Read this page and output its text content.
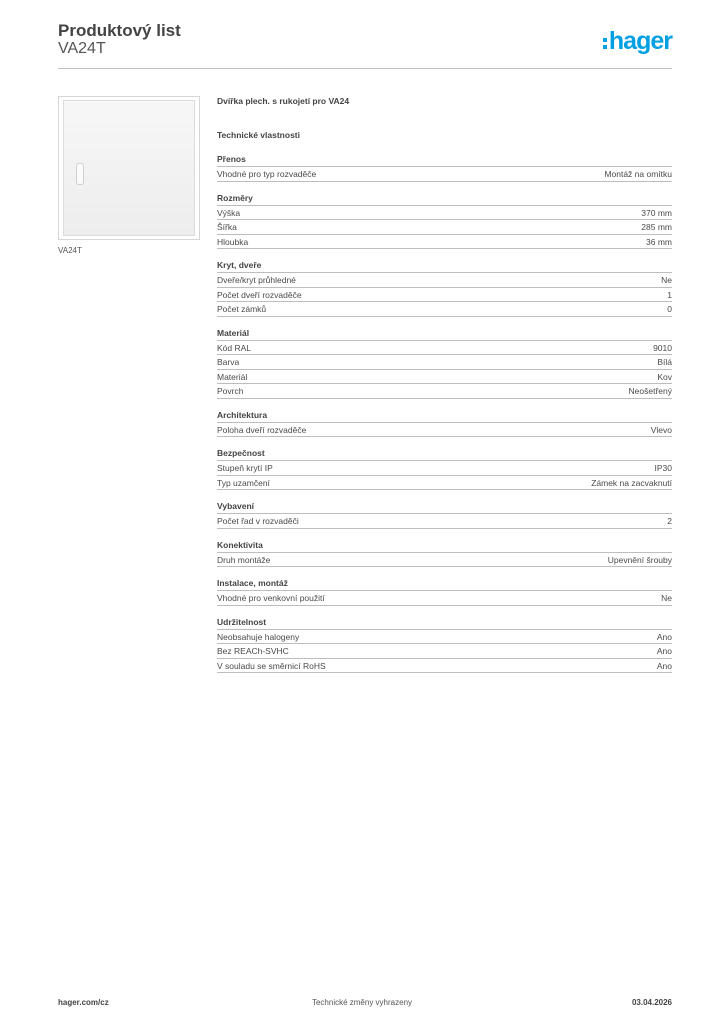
Produktový list
VA24T	hager
VA24T
Dvířka plech. s rukojetí pro VA24
Technické vlastnosti
Přenos
Vhodné pro typ rozvaděče	Montáž na omítku
Rozměry
Výška	370 mm
Šířka	285 mm
Hloubka	36 mm
Kryt, dveře
Dveře/kryt průhledné	Ne
Počet dveří rozvaděče	1
Počet zámků	0
Materiál
Kód RAL	9010
Barva	Bílá
Materiál	Kov
Povrch	Neošetřený
Architektura
Poloha dveří rozvaděče	Vlevo
Bezpečnost
Stupeň krytí IP	IP30
Typ uzamčení	Zámek na zacvaknutí
Vybavení
Počet řad v rozvaděči	2
Konektivita
Druh montáže	Upevnění šrouby
Instalace, montáž
Vhodné pro venkovní použití	Ne
Udržitelnost
Neobsahuje halogeny	Ano
Bez REACh-SVHC	Ano
V souladu se směrnicí RoHS	Ano
hager.com/cz	Technické změny vyhrazeny	03.04.2026
